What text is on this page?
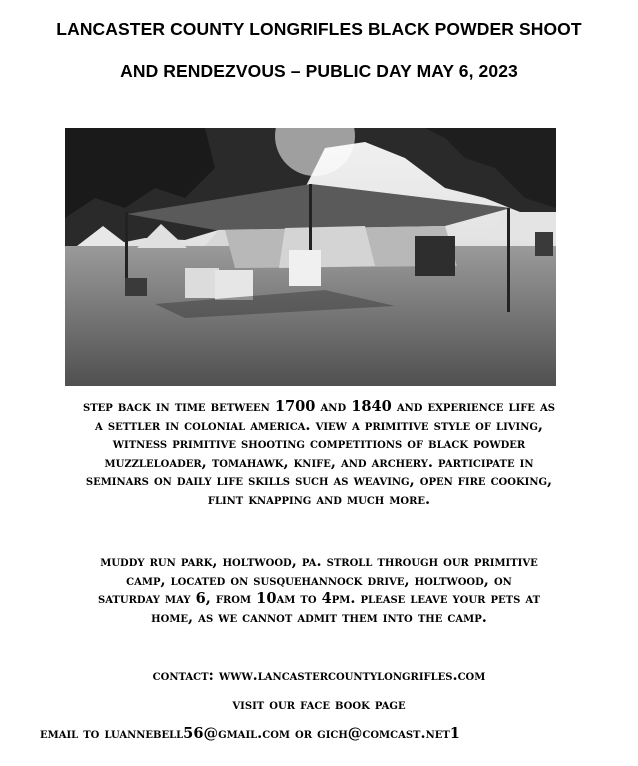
LANCASTER COUNTY LONGRIFLES BLACK POWDER SHOOT
AND RENDEZVOUS – PUBLIC DAY MAY 6, 2023
step back in time between 1700 and 1840 and experience life as
a settler in colonial america. view a primitive style of living,
witness primitive shooting competitions of black powder
muzzleloader, tomahawk, knife, and archery. participate in
seminars on daily life skills such as weaving, open fire cooking,
flint knapping and much more.
muddy run park, holtwood, pa. stroll through our primitive
camp, located on susquehannock drive, holtwood, on
saturday may 6, from 10am to 4pm. please leave your pets at
home, as we cannot admit them into the camp.
contact: www.lancastercountylongrifles.com
visit our face book page
email to luannebell56@gmail.com or gich@comcast.net1
